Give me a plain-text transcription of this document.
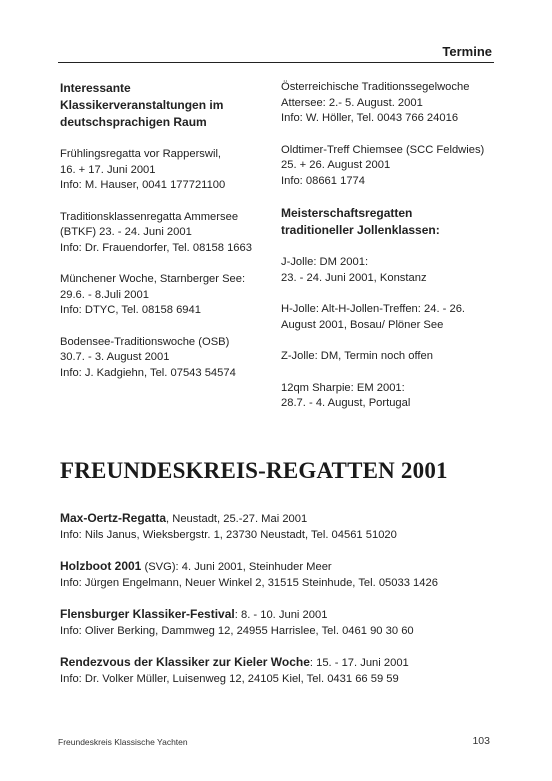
Termine

Interessante

Klassikerveranstaltungen im

deutschsprachigen Raum

Frühlingsregatta vor Rapperswil,

16. + 17. Juni 2001

Info: M. Hauser, 0041 177721100

Traditionsklassenregatta Ammersee

(BTKF) 23. - 24. Juni 2001

Info: Dr. Frauendorfer, Tel. 08158 1663

Münchener Woche, Starnberger See:

29.6. - 8.Juli 2001

Info: DTYC, Tel. 08158 6941

Bodensee-Traditionswoche (OSB)

30.7. - 3. August 2001

Info: J. Kadgiehn, Tel. 07543 54574

Österreichische Traditionssegelwoche

Attersee: 2.- 5. August. 2001

Info: W. Höller, Tel. 0043 766 24016

Oldtimer-Treff Chiemsee (SCC Feldwies)

25. + 26. August 2001

Info: 08661 1774

Meisterschaftsregatten

traditioneller Jollenklassen:

J-Jolle: DM 2001:

23. - 24. Juni 2001, Konstanz

H-Jolle: Alt-H-Jollen-Treffen: 24. - 26.

August 2001, Bosau/ Plöner See

Z-Jolle: DM, Termin noch offen

12qm Sharpie: EM 2001:

28.7. - 4. August, Portugal

FREUNDESKREIS-REGATTEN 2001

Max-Oertz-Regatta, Neustadt, 25.-27. Mai 2001

Info: Nils Janus, Wieksbergstr. 1, 23730 Neustadt, Tel. 04561 51020

Holzboot 2001 (SVG): 4. Juni 2001, Steinhuder Meer

Info: Jürgen Engelmann, Neuer Winkel 2, 31515 Steinhude, Tel. 05033 1426

Flensburger Klassiker-Festival: 8. - 10. Juni 2001

Info: Oliver Berking, Dammweg 12, 24955 Harrislee, Tel. 0461 90 30 60

Rendezvous der Klassiker zur Kieler Woche: 15. - 17. Juni 2001

Info: Dr. Volker Müller, Luisenweg 12, 24105 Kiel, Tel. 0431 66 59 59

Freundeskreis Klassische Yachten	103
